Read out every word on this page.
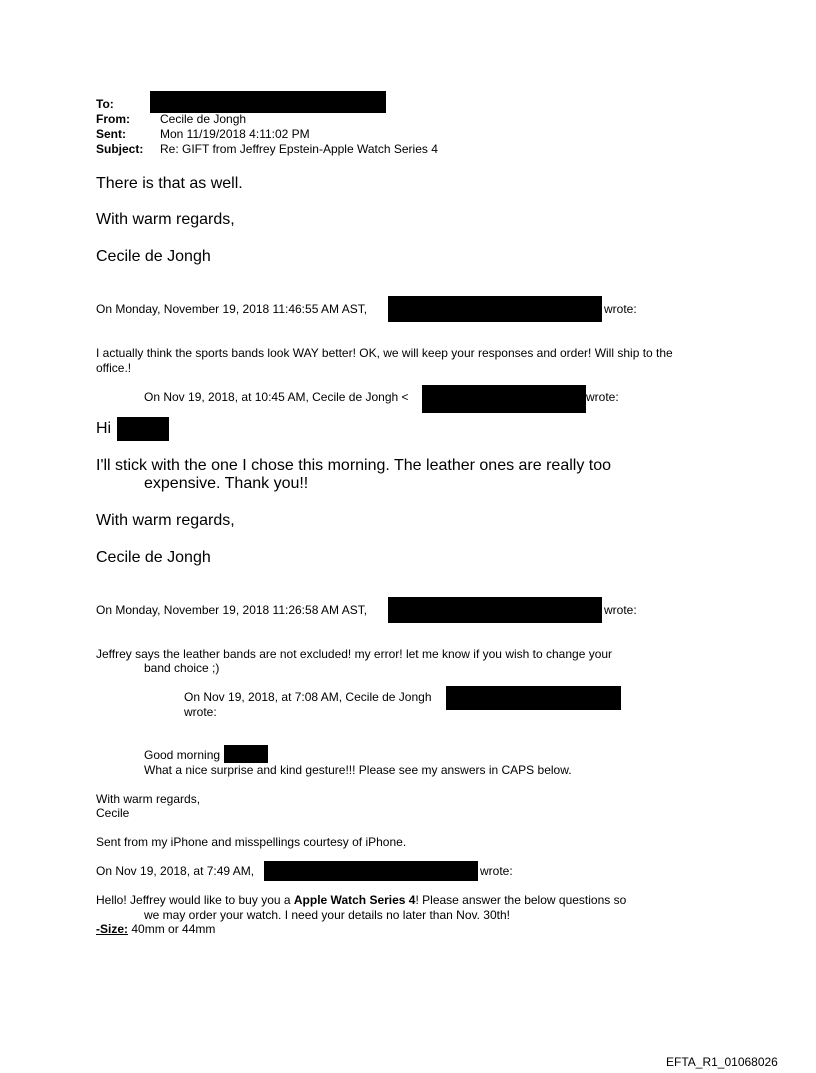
To:
From:	Cecile de Jongh
Sent:	Mon 11/19/2018 4:11:02 PM
Subject: Re: GIFT from Jeffrey Epstein-Apple Watch Series 4
There is that as well.
With warm regards,
Cecile de Jongh
On Monday, November 19, 2018 11:46:55 AM AST,	wrote:
I actually think the sports bands look WAY better! OK, we will keep your responses and order! Will ship to the
office.!
On Nov 19, 2018, at 10:45 AM, Cecile de Jongh <	wrote:
Hi
I'll stick with the one I chose this morning. The leather ones are really too
expensive. Thank you!!
With warm regards,
Cecile de Jongh
On Monday, November 19, 2018 11:26:58 AM AST,	wrote:
Jeffrey says the leather bands are not excluded! my error! let me know if you wish to change your
band choice ;)
On Nov 19, 2018, at 7:08 AM, Cecile de Jongh
wrote:
Good morning
What a nice surprise and kind gesture!!! Please see my answers in CAPS below.
With warm regards,
Cecile
Sent from my iPhone and misspellings courtesy of iPhone.
On Nov 19, 2018, at 7:49 AM,	wrote:
Hello! Jeffrey would like to buy you a Apple Watch Series 4! Please answer the below questions so
we may order your watch. I need your details no later than Nov. 30th!
-Size: 40mm or 44mm
EFTA_R1_01068026
